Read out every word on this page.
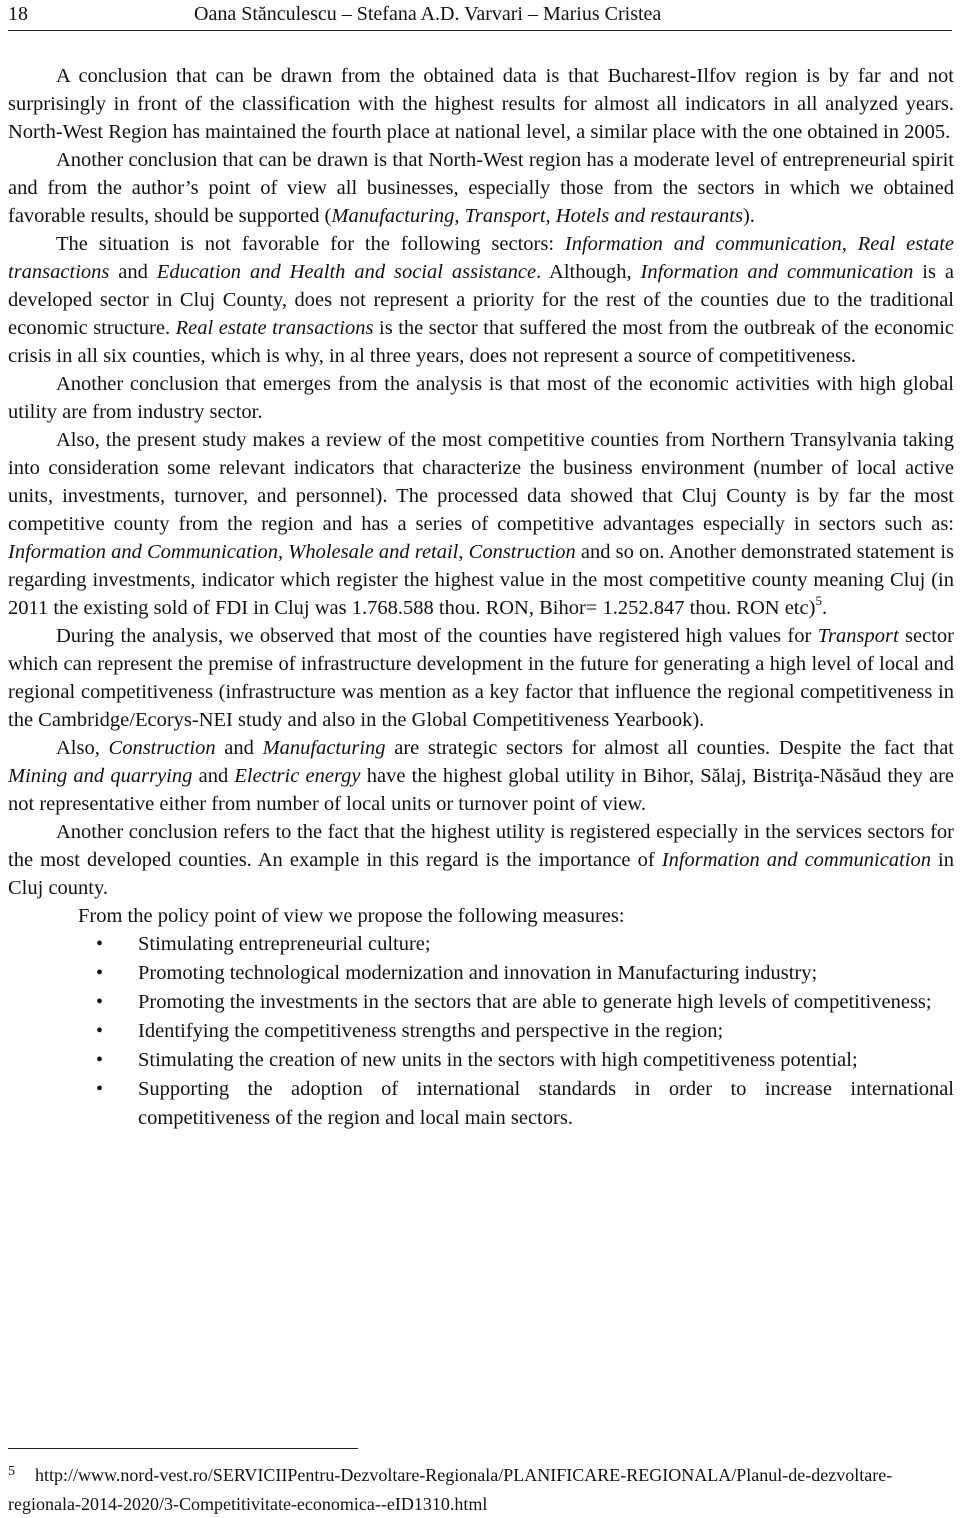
18	Oana Stănculescu – Stefana A.D. Varvari – Marius Cristea

A conclusion that can be drawn from the obtained data is that Bucharest-Ilfov region is by far and not surprisingly in front of the classification with the highest results for almost all indicators in all analyzed years. North-West Region has maintained the fourth place at national level, a similar place with the one obtained in 2005.

Another conclusion that can be drawn is that North-West region has a moderate level of entrepreneurial spirit and from the author’s point of view all businesses, especially those from the sectors in which we obtained favorable results, should be supported (Manufacturing, Transport, Hotels and restaurants).

The situation is not favorable for the following sectors: Information and communication, Real estate transactions and Education and Health and social assistance. Although, Information and communication is a developed sector in Cluj County, does not represent a priority for the rest of the counties due to the traditional economic structure. Real estate transactions is the sector that suffered the most from the outbreak of the economic crisis in all six counties, which is why, in al three years, does not represent a source of competitiveness.

Another conclusion that emerges from the analysis is that most of the economic activities with high global utility are from industry sector.

Also, the present study makes a review of the most competitive counties from Northern Transylvania taking into consideration some relevant indicators that characterize the business environment (number of local active units, investments, turnover, and personnel). The processed data showed that Cluj County is by far the most competitive county from the region and has a series of competitive advantages especially in sectors such as: Information and Communication, Wholesale and retail, Construction and so on. Another demonstrated statement is regarding investments, indicator which register the highest value in the most competitive county meaning Cluj (in 2011 the existing sold of FDI in Cluj was 1.768.588 thou. RON, Bihor= 1.252.847 thou. RON etc)$^5$.

During the analysis, we observed that most of the counties have registered high values for Transport sector which can represent the premise of infrastructure development in the future for generating a high level of local and regional competitiveness (infrastructure was mention as a key factor that influence the regional competitiveness in the Cambridge/Ecorys-NEI study and also in the Global Competitiveness Yearbook).

Also, Construction and Manufacturing are strategic sectors for almost all counties. Despite the fact that Mining and quarrying and Electric energy have the highest global utility in Bihor, Sălaj, Bistriţa-Năsăud they are not representative either from number of local units or turnover point of view.

Another conclusion refers to the fact that the highest utility is registered especially in the services sectors for the most developed counties. An example in this regard is the importance of Information and communication in Cluj county.

From the policy point of view we propose the following measures:

• Stimulating entrepreneurial culture;
• Promoting technological modernization and innovation in Manufacturing industry;
• Promoting the investments in the sectors that are able to generate high levels of competitiveness;
• Identifying the competitiveness strengths and perspective in the region;
• Stimulating the creation of new units in the sectors with high competitiveness potential;
• Supporting the adoption of international standards in order to increase international competitiveness of the region and local main sectors.
$^5$ http://www.nord-vest.ro/SERVICIIPentru-Dezvoltare-Regionala/PLANIFICARE-REGIONALA/Planul-de-dezvoltare-regionala-2014-2020/3-Competitivitate-economica--eID1310.html
